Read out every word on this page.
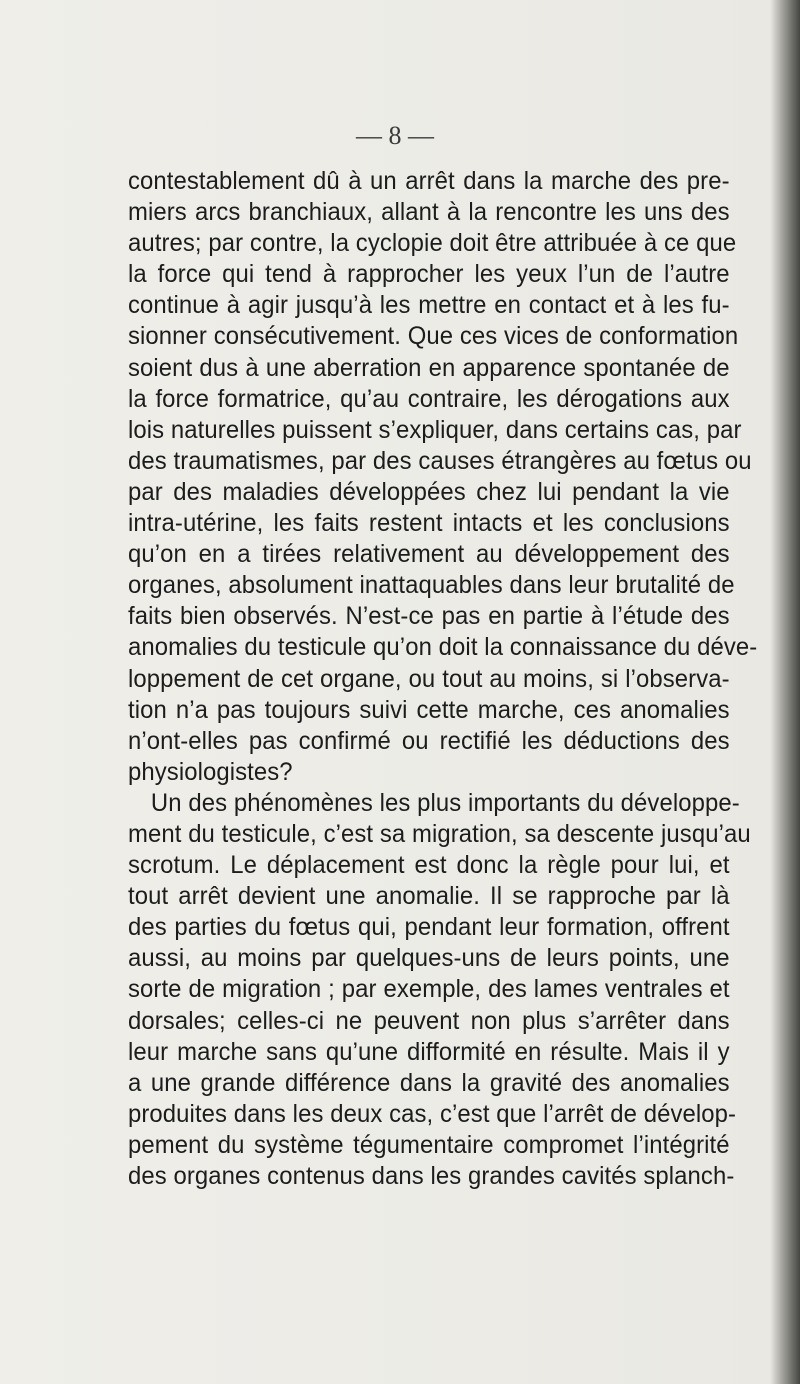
— 8 —
contestablement dû à un arrêt dans la marche des pre-
miers arcs branchiaux, allant à la rencontre les uns des
autres; par contre, la cyclopie doit être attribuée à ce que
la force qui tend à rapprocher les yeux l’un de l’autre
continue à agir jusqu’à les mettre en contact et à les fu-
sionner consécutivement. Que ces vices de conformation
soient dus à une aberration en apparence spontanée de
la force formatrice, qu’au contraire, les dérogations aux
lois naturelles puissent s’expliquer, dans certains cas, par
des traumatismes, par des causes étrangères au fœtus ou
par des maladies développées chez lui pendant la vie
intra-utérine, les faits restent intacts et les conclusions
qu’on en a tirées relativement au développement des
organes, absolument inattaquables dans leur brutalité de
faits bien observés. N’est-ce pas en partie à l’étude des
anomalies du testicule qu’on doit la connaissance du déve-
loppement de cet organe, ou tout au moins, si l’observa-
tion n’a pas toujours suivi cette marche, ces anomalies
n’ont-elles pas confirmé ou rectifié les déductions des
physiologistes?
Un des phénomènes les plus importants du développe-
ment du testicule, c’est sa migration, sa descente jusqu’au
scrotum. Le déplacement est donc la règle pour lui, et
tout arrêt devient une anomalie. Il se rapproche par là
des parties du fœtus qui, pendant leur formation, offrent
aussi, au moins par quelques-uns de leurs points, une
sorte de migration ; par exemple, des lames ventrales et
dorsales; celles-ci ne peuvent non plus s’arrêter dans
leur marche sans qu’une difformité en résulte. Mais il y
a une grande différence dans la gravité des anomalies
produites dans les deux cas, c’est que l’arrêt de dévelop-
pement du système tégumentaire compromet l’intégrité
des organes contenus dans les grandes cavités splanch-
